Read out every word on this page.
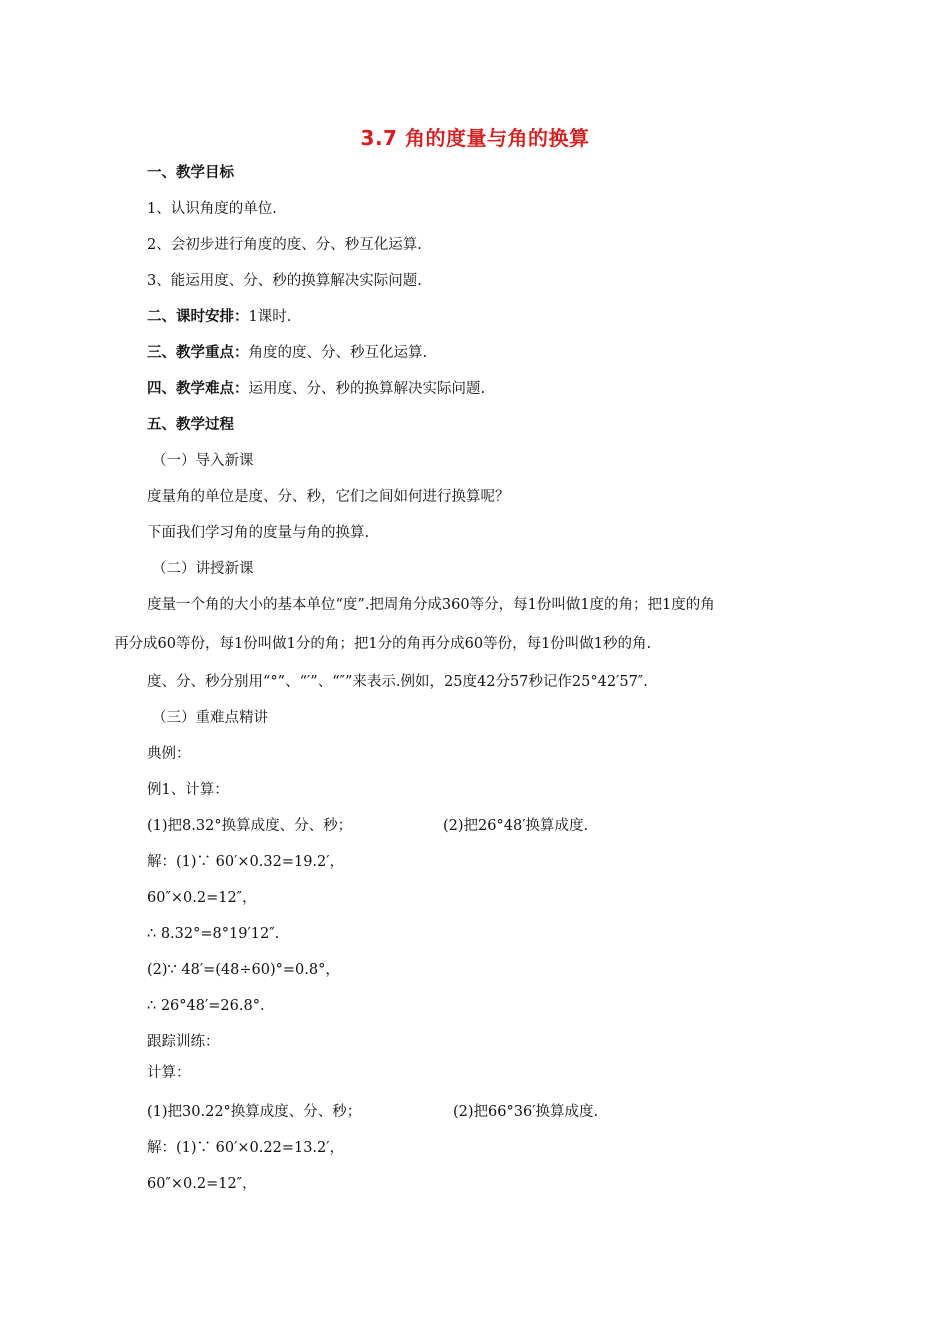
3.7 角的度量与角的换算
一、教学目标
1、认识角度的单位.
2、会初步进行角度的度、分、秒互化运算.
3、能运用度、分、秒的换算解决实际问题.
二、课时安排：1课时.
三、教学重点：角度的度、分、秒互化运算.
四、教学难点：运用度、分、秒的换算解决实际问题.
五、教学过程
（一）导入新课
度量角的单位是度、分、秒，它们之间如何进行换算呢？
下面我们学习角的度量与角的换算.
（二）讲授新课
度量一个角的大小的基本单位“度”.把周角分成360等分，每1份叫做1度的角；把1度的角
再分成60等份，每1份叫做1分的角；把1分的角再分成60等份，每1份叫做1秒的角.
度、分、秒分别用“°”、“′”、“″”来表示.例如，25度42分57秒记作25°42′57″.
（三）重难点精讲
典例：
例1、计算：
(1)把8.32°换算成度、分、秒；	(2)把26°48′换算成度.
解：(1)∵ 60′×0.32=19.2′，
60″×0.2=12″，
∴ 8.32°=8°19′12″.
(2)∵ 48′=(48÷60)°=0.8°，
∴ 26°48′=26.8°.
跟踪训练：
计算：
(1)把30.22°换算成度、分、秒；	(2)把66°36′换算成度.
解：(1)∵ 60′×0.22=13.2′，
60″×0.2=12″，
